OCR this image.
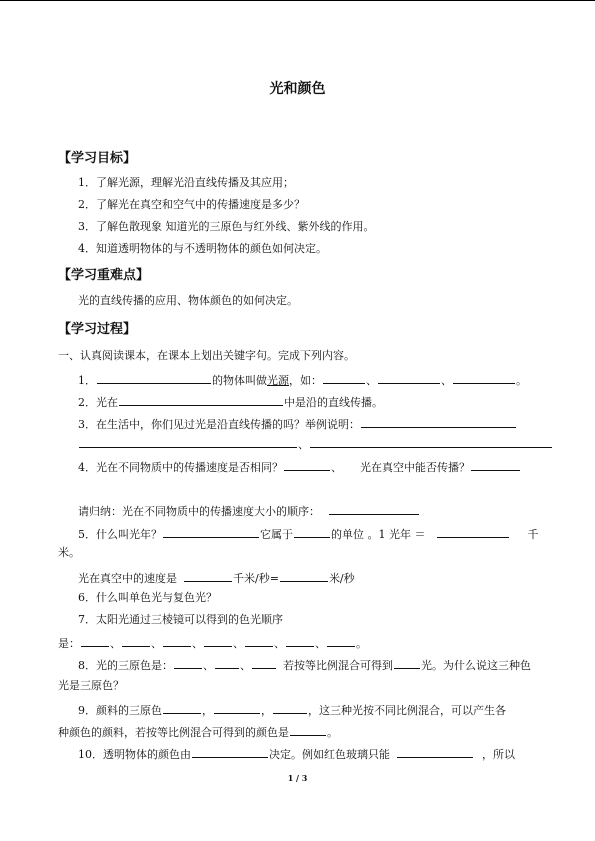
光和颜色
【学习目标】
1．了解光源，理解光沿直线传播及其应用；
2．了解光在真空和空气中的传播速度是多少？
3．了解色散现象 知道光的三原色与红外线、紫外线的作用。
4．知道透明物体的与不透明物体的颜色如何决定。
【学习重难点】
光的直线传播的应用、物体颜色的如何决定。
【学习过程】
一、认真阅读课本，在课本上划出关键字句。完成下列内容。
1．	的物体叫做光源，如：	、	、	。
2．光在	中是沿的直线传播。
3．在生活中，你们见过光是沿直线传播的吗？举例说明：
、
4．光在不同物质中的传播速度是否相同？	、 光在真空中能否传播？
请归纳：光在不同物质中的传播速度大小的顺序：
5．什么叫光年？	它属于	的单位 。1 光年 ＝	千
米。
光在真空中的速度是	千米/秒=	米/秒
6．什么叫单色光与复色光？
7．太阳光通过三棱镜可以得到的色光顺序
是：	、	、	、	、	、	、	。
8．光的三原色是：	、 、	若按等比例混合可得到	光。为什么说这三种色
光是三原色？
9．颜料的三原色	，	，	，这三种光按不同比例混合，可以产生各
种颜色的颜料，若按等比例混合可得到的颜色是	。
10．透明物体的颜色由	决定。例如红色玻璃只能	，所以
1 / 3
